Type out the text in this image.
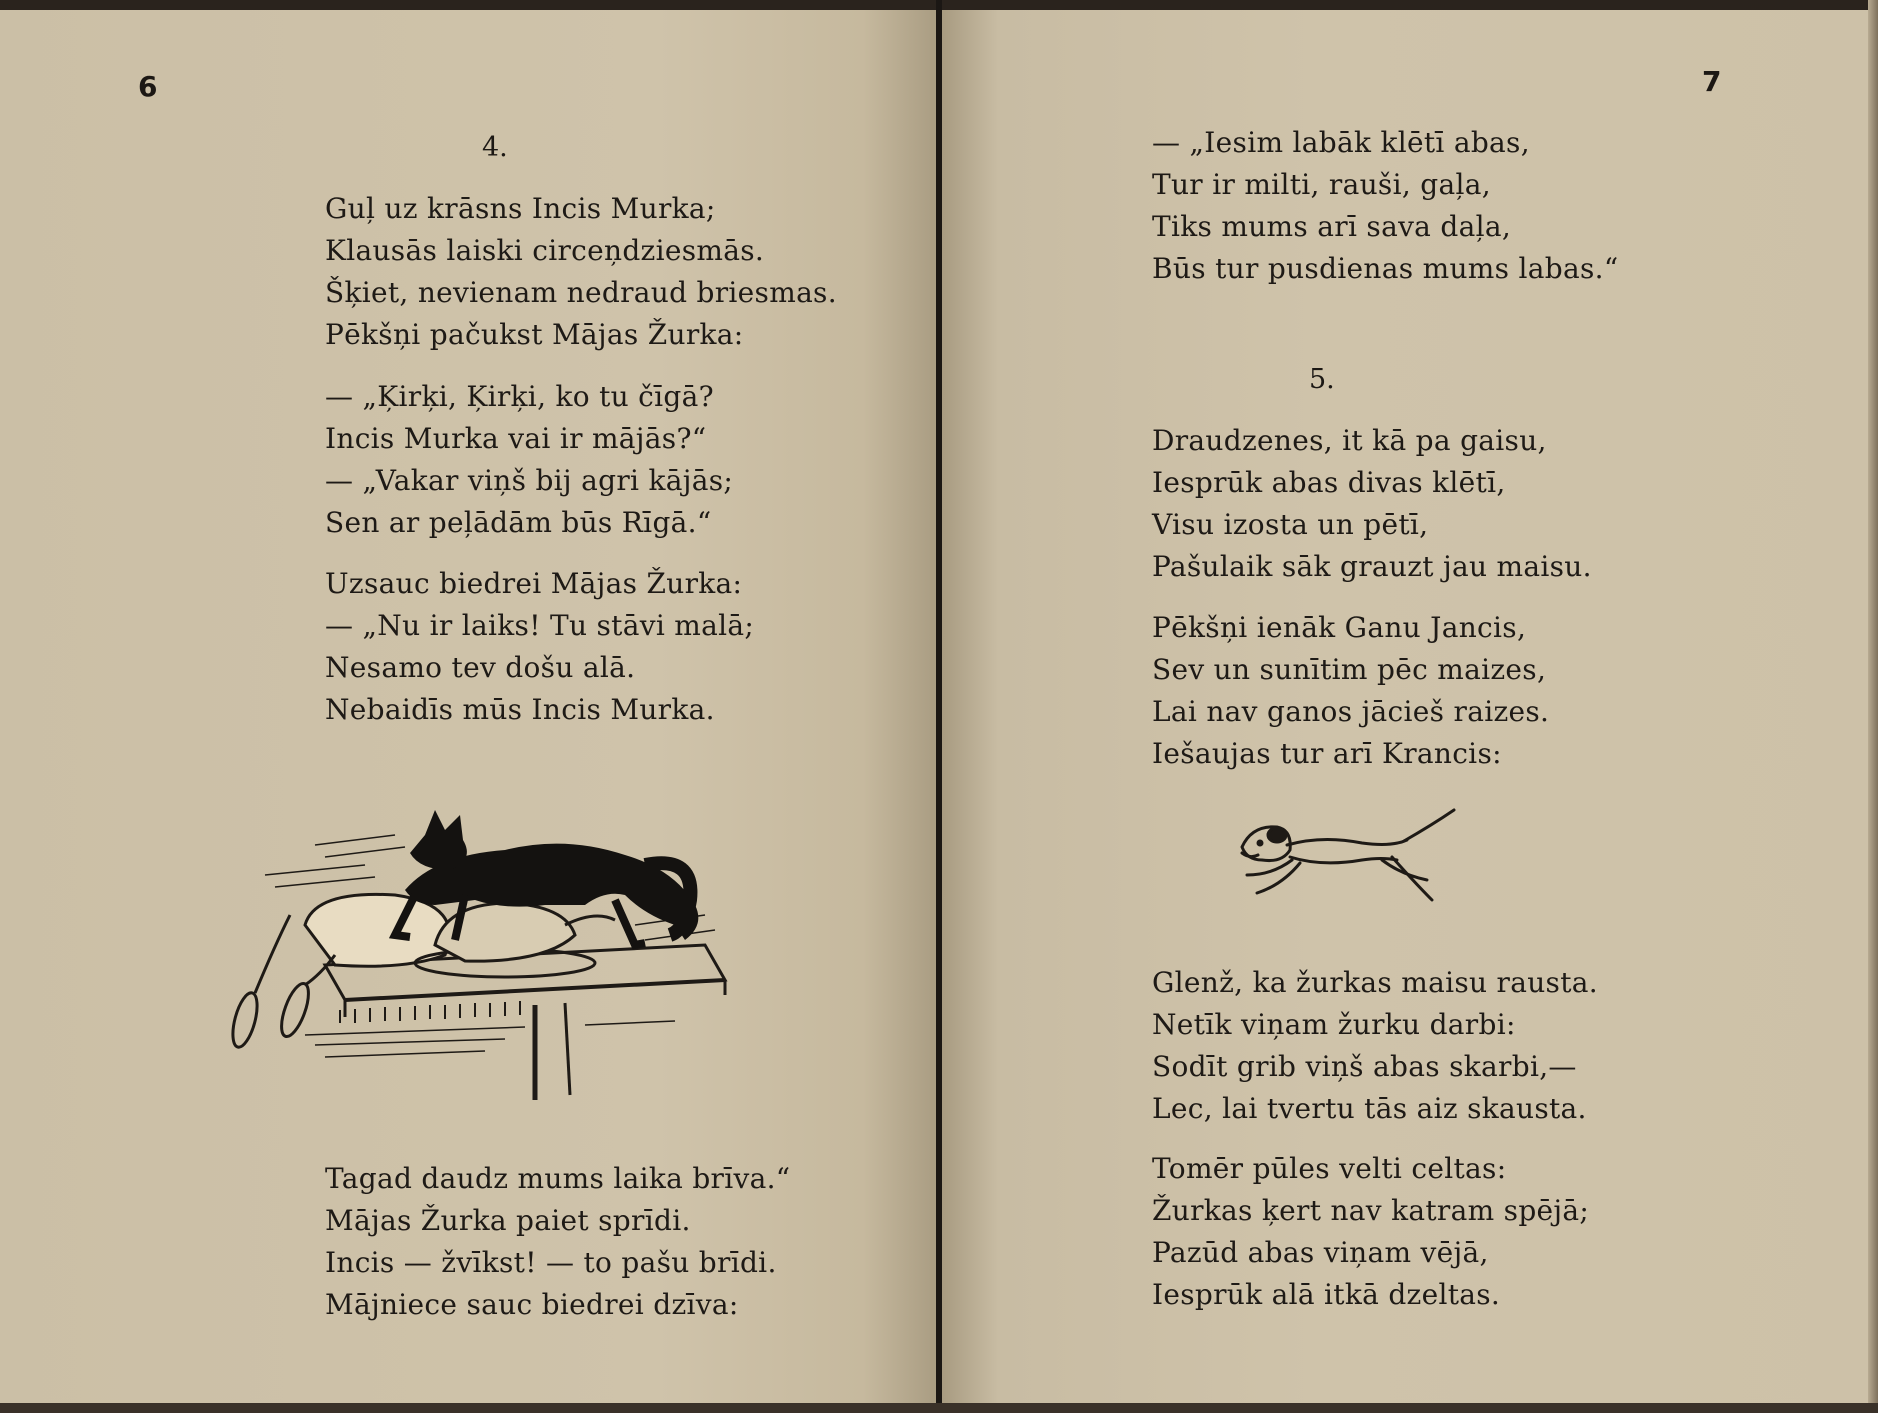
6
4.
Guļ uz krāsns Incis Murka;
Klausās laiski circeņdziesmās.
Šķiet, nevienam nedraud briesmas.
Pēkšņi pačukst Mājas Žurka:
— „Ķirķi, Ķirķi, ko tu čīgā?
Incis Murka vai ir mājās?“
— „Vakar viņš bij agri kājās;
Sen ar peļādām būs Rīgā.“
Uzsauc biedrei Mājas Žurka:
— „Nu ir laiks! Tu stāvi malā;
Nesamo tev došu alā.
Nebaidīs mūs Incis Murka.
Tagad daudz mums laika brīva.“
Mājas Žurka paiet sprīdi.
Incis — žvīkst! — to pašu brīdi.
Mājniece sauc biedrei dzīva:
7
— „Iesim labāk klētī abas,
Tur ir milti, rauši, gaļa,
Tiks mums arī sava daļa,
Būs tur pusdienas mums labas.“
5.
Draudzenes, it kā pa gaisu,
Iesprūk abas divas klētī,
Visu izosta un pētī,
Pašulaik sāk grauzt jau maisu.
Pēkšņi ienāk Ganu Jancis,
Sev un sunītim pēc maizes,
Lai nav ganos jācieš raizes.
Iešaujas tur arī Krancis:
Glenž, ka žurkas maisu rausta.
Netīk viņam žurku darbi:
Sodīt grib viņš abas skarbi,—
Lec, lai tvertu tās aiz skausta.
Tomēr pūles velti celtas:
Žurkas ķert nav katram spējā;
Pazūd abas viņam vējā,
Iesprūk alā itkā dzeltas.
